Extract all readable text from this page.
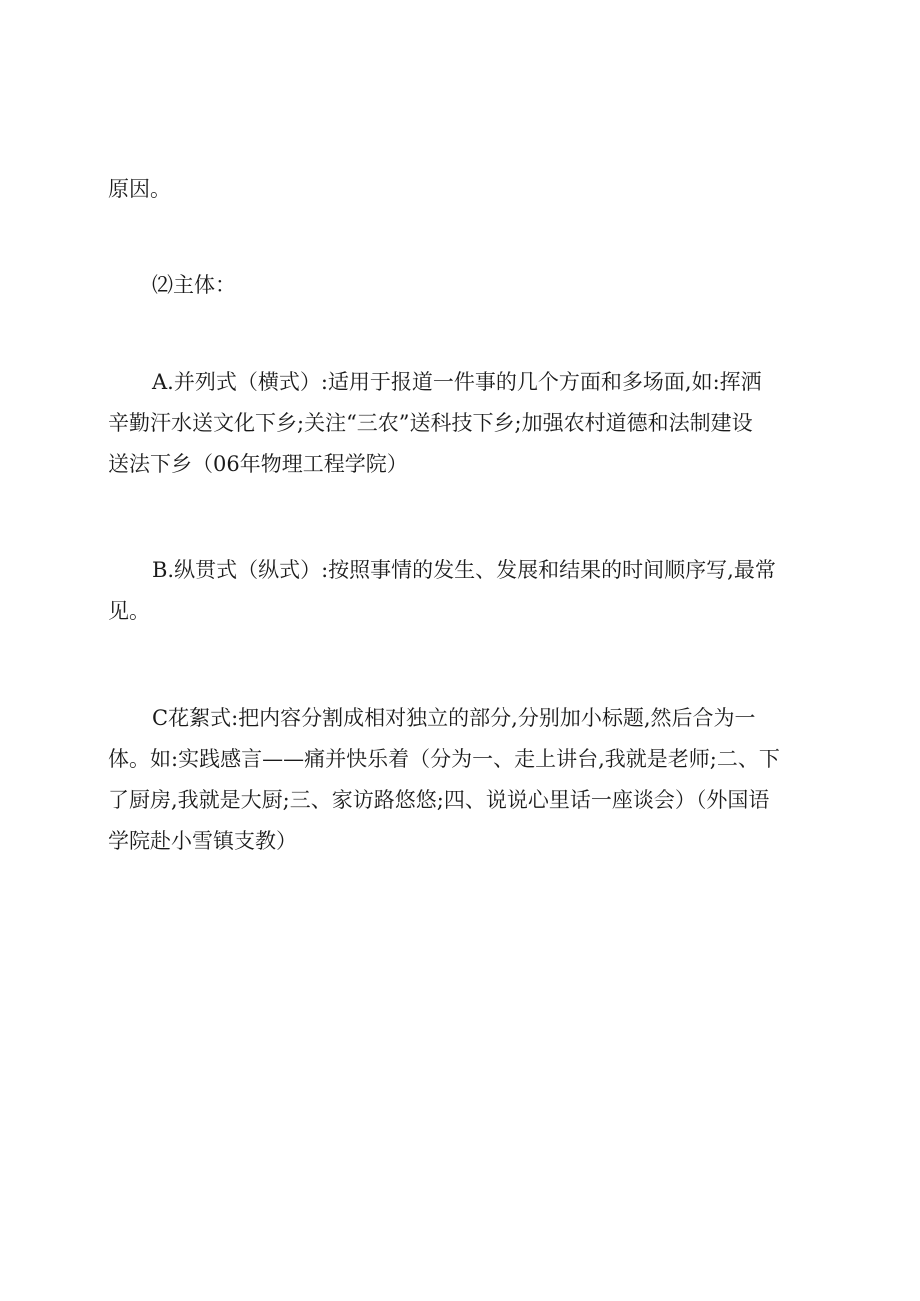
原因。

⑵主体：

A.并列式（横式）:适用于报道一件事的几个方面和多场面,如:挥洒
辛勤汗水送文化下乡;关注“三农”送科技下乡;加强农村道德和法制建设
送法下乡（06年物理工程学院）

B.纵贯式（纵式）:按照事情的发生、发展和结果的时间顺序写,最常
见。

C花絮式:把内容分割成相对独立的部分,分别加小标题,然后合为一
体。如:实践感言——痛并快乐着（分为一、走上讲台,我就是老师;二、下
了厨房,我就是大厨;三、家访路悠悠;四、说说心里话一座谈会）（外国语
学院赴小雪镇支教）
